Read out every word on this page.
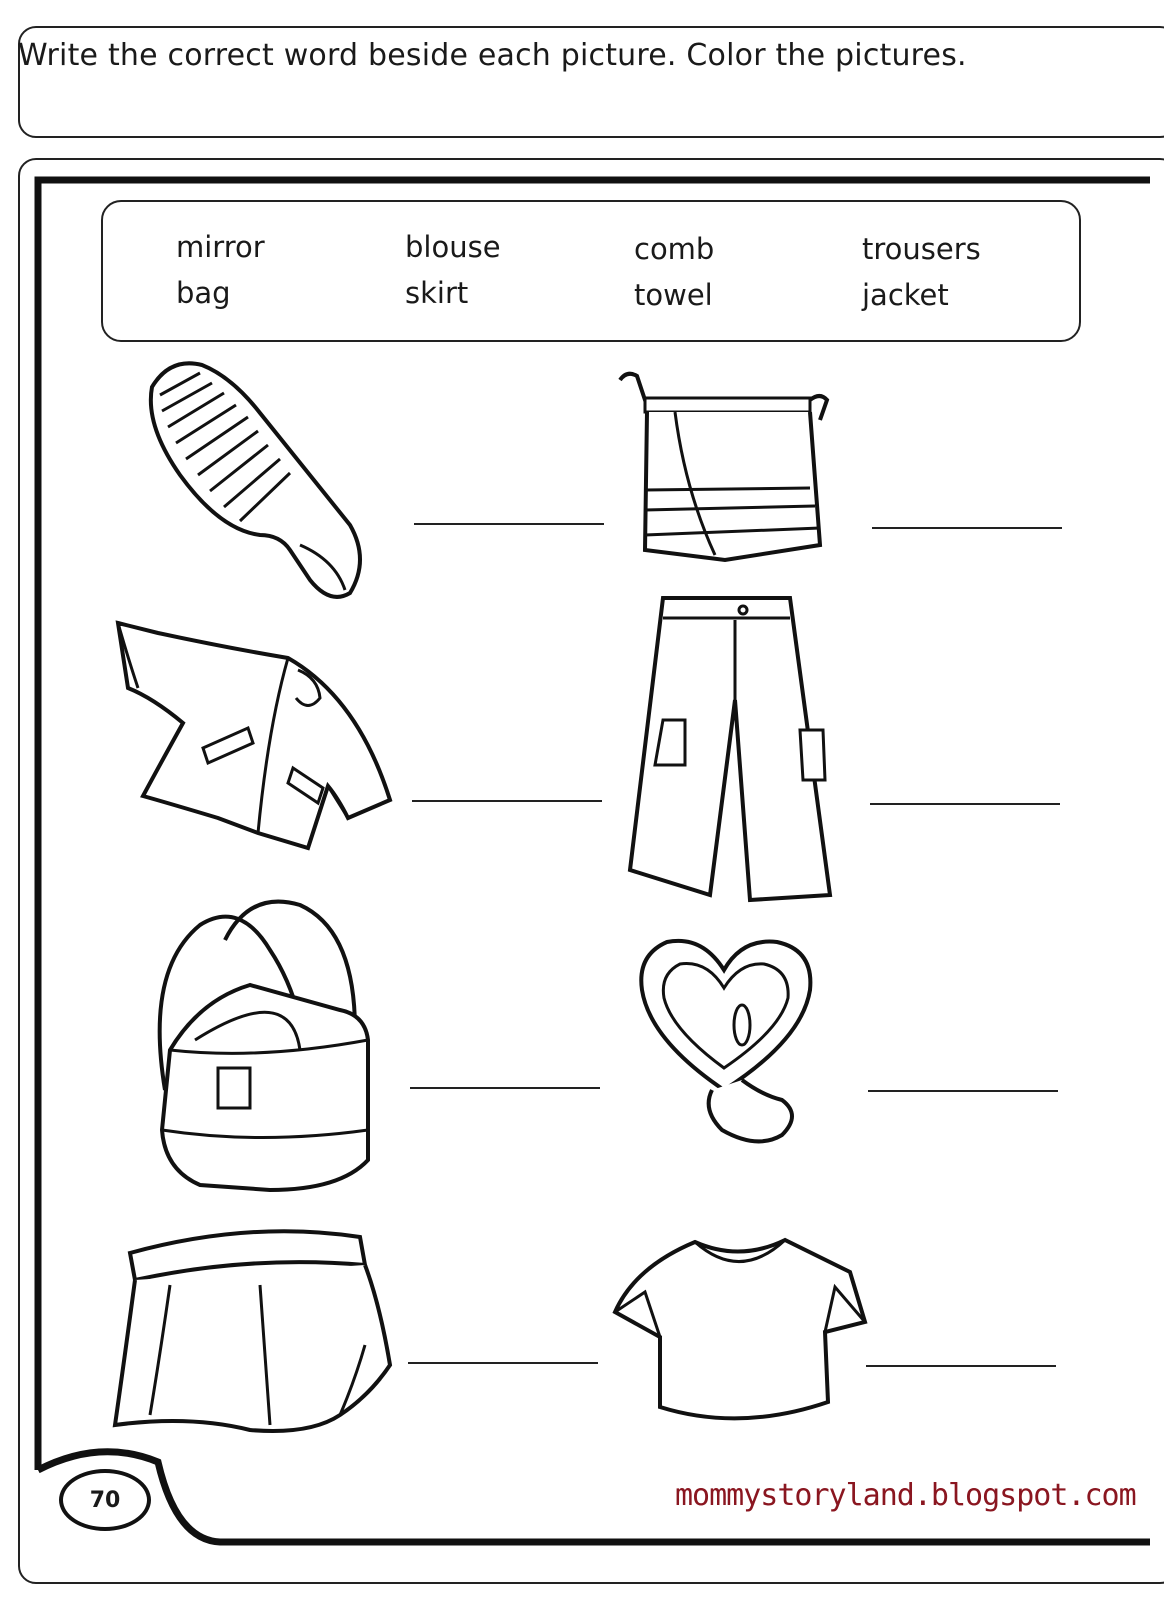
Write the correct word beside each picture. Color the pictures.
mirror	blouse	comb	trousers
bag	skirt	towel	jacket
70	mommystoryland.blogspot.com
